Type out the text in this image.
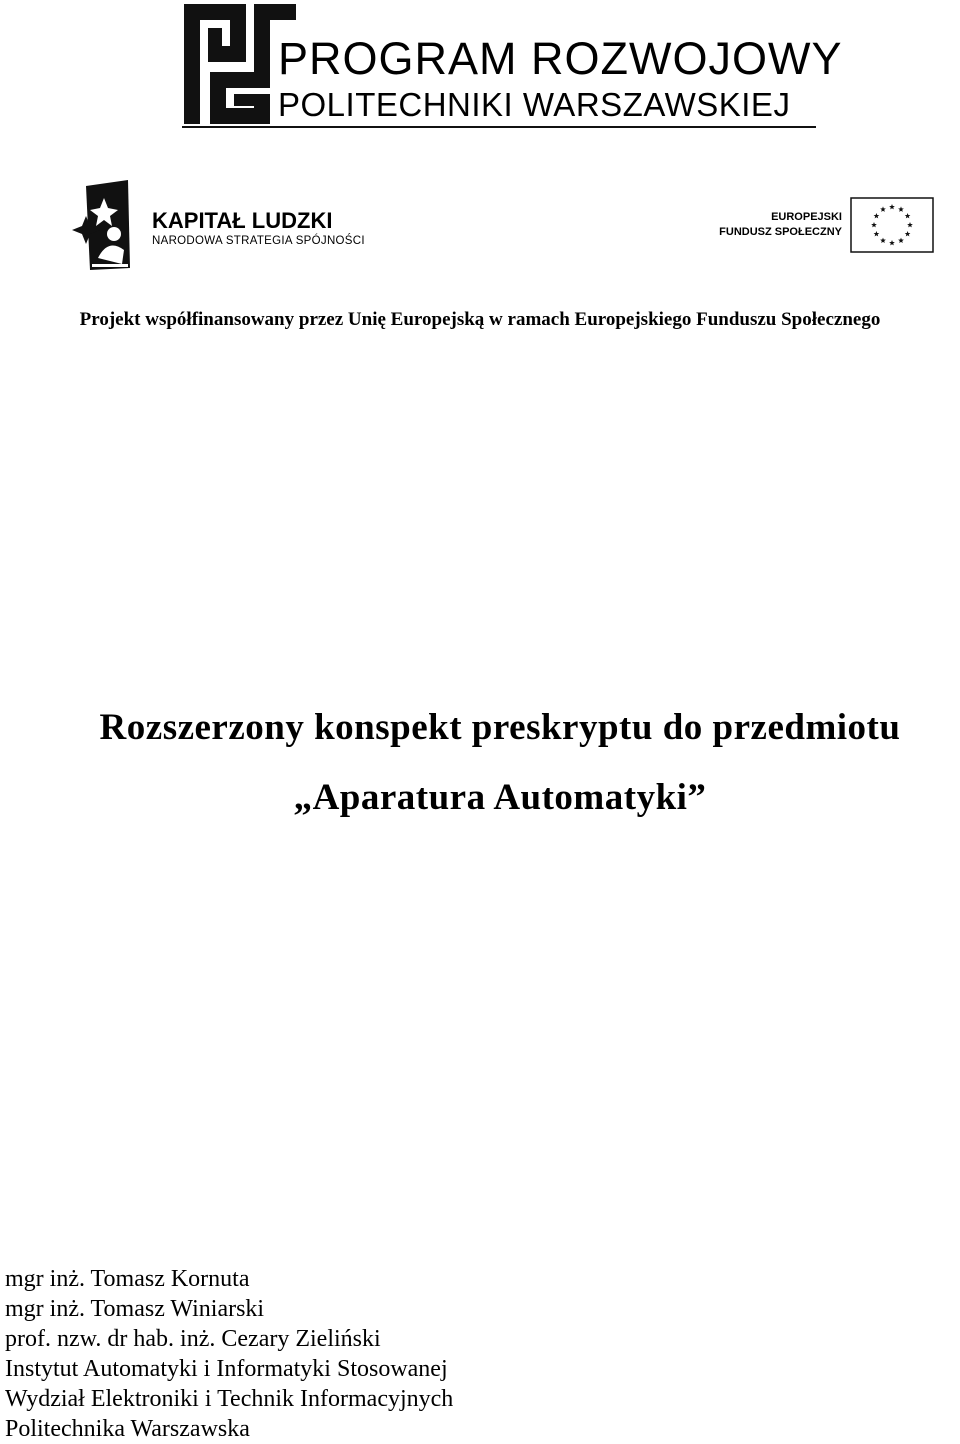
PROGRAM ROZWOJOWY
POLITECHNIKI WARSZAWSKIEJ
KAPITAŁ LUDZKI
NARODOWA STRATEGIA SPÓJNOŚCI
EUROPEJSKI
FUNDUSZ SPOŁECZNY
Projekt współfinansowany przez Unię Europejską w ramach Europejskiego Funduszu Społecznego
Rozszerzony konspekt preskryptu do przedmiotu
„Aparatura Automatyki”
mgr inż. Tomasz Kornuta
mgr inż. Tomasz Winiarski
prof. nzw. dr hab. inż. Cezary Zieliński
Instytut Automatyki i Informatyki Stosowanej
Wydział Elektroniki i Technik Informacyjnych
Politechnika Warszawska
